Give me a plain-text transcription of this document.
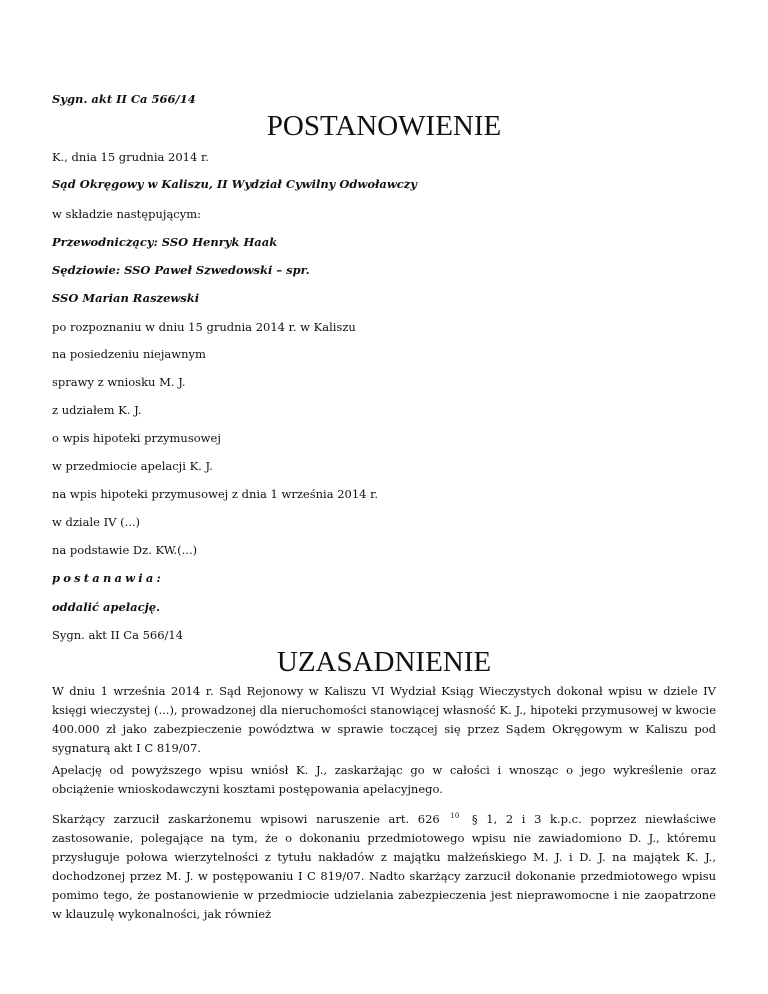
Sygn. akt II Ca 566/14
POSTANOWIENIE
K., dnia 15 grudnia 2014 r.
Sąd Okręgowy w Kaliszu, II Wydział Cywilny Odwoławczy
w składzie następującym:
Przewodniczący: SSO Henryk Haak
Sędziowie: SSO Paweł Szwedowski – spr.
SSO Marian Raszewski
po rozpoznaniu w dniu 15 grudnia 2014 r. w Kaliszu
na posiedzeniu niejawnym
sprawy z wniosku M. J.
z udziałem K. J.
o wpis hipoteki przymusowej
w przedmiocie apelacji K. J.
na wpis hipoteki przymusowej z dnia 1 września 2014 r.
w dziale IV (...)
na podstawie Dz. KW.(...)
postanawia:
oddalić apelację.
Sygn. akt II Ca 566/14
UZASADNIENIE
W dniu 1 września 2014 r. Sąd Rejonowy w Kaliszu VI Wydział Ksiąg Wieczystych dokonał wpisu w dziele IV księgi wieczystej (...), prowadzonej dla nieruchomości stanowiącej własność K. J., hipoteki przymusowej w kwocie 400.000 zł jako zabezpieczenie powództwa w sprawie toczącej się przez Sądem Okręgowym w Kaliszu pod sygnaturą akt I C 819/07.
Apelację od powyższego wpisu wniósł K. J., zaskarżając go w całości i wnosząc o jego wykreślenie oraz obciążenie wnioskodawczyni kosztami postępowania apelacyjnego.
Skarżący zarzucił zaskarżonemu wpisowi naruszenie art. 626 $^{10}$ § 1, 2 i 3 k.p.c. poprzez niewłaściwe zastosowanie, polegające na tym, że o dokonaniu przedmiotowego wpisu nie zawiadomiono D. J., któremu przysługuje połowa wierzytelności z tytułu nakładów z majątku małżeńskiego M. J. i D. J. na majątek K. J., dochodzonej przez M. J. w postępowaniu I C 819/07. Nadto skarżący zarzucił dokonanie przedmiotowego wpisu pomimo tego, że postanowienie w przedmiocie udzielania zabezpieczenia jest nieprawomocne i nie zaopatrzone w klauzulę wykonalności, jak również
